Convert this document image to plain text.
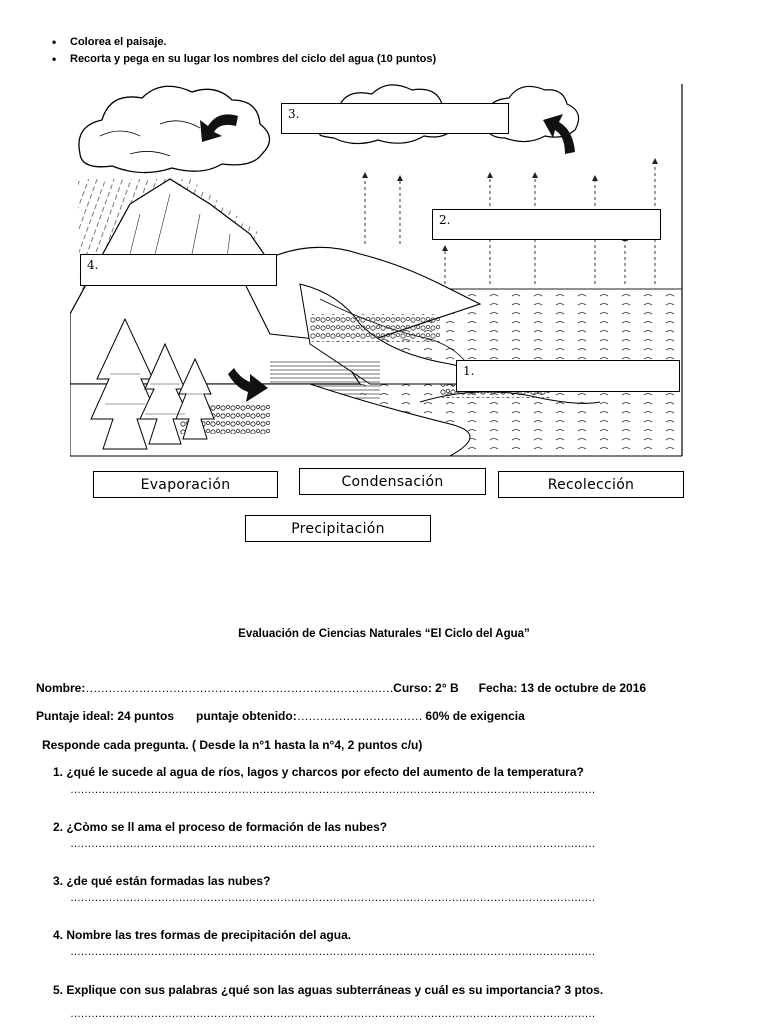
• Colorea el paisaje.
• Recorta y pega en su lugar los nombres del ciclo del agua (10 puntos)
3.
2.
4.
1.
Evaporación	Condensación	Recolección
Precipitación
Evaluación de Ciencias Naturales “El Ciclo del Agua”
Nombre:………………………………………………………………………Curso: 2° B Fecha: 13 de octubre de 2016
Puntaje ideal: 24 puntos puntaje obtenido:…………………………… 60% de exigencia
Responde cada pregunta. ( Desde la n°1 hasta la n°4, 2 puntos c/u)
1. ¿qué le sucede al agua de ríos, lagos y charcos por efecto del aumento de la temperatura?
……………………………………………………………………………………………………………………………………
2. ¿Còmo se ll ama el proceso de formación de las nubes?
……………………………………………………………………………………………………………………………………
3. ¿de qué están formadas las nubes?
……………………………………………………………………………………………………………………………………
4. Nombre las tres formas de precipitación del agua.
……………………………………………………………………………………………………………………………………
5. Explique con sus palabras ¿qué son las aguas subterráneas y cuál es su importancia? 3 ptos.
……………………………………………………………………………………………………………………………………
